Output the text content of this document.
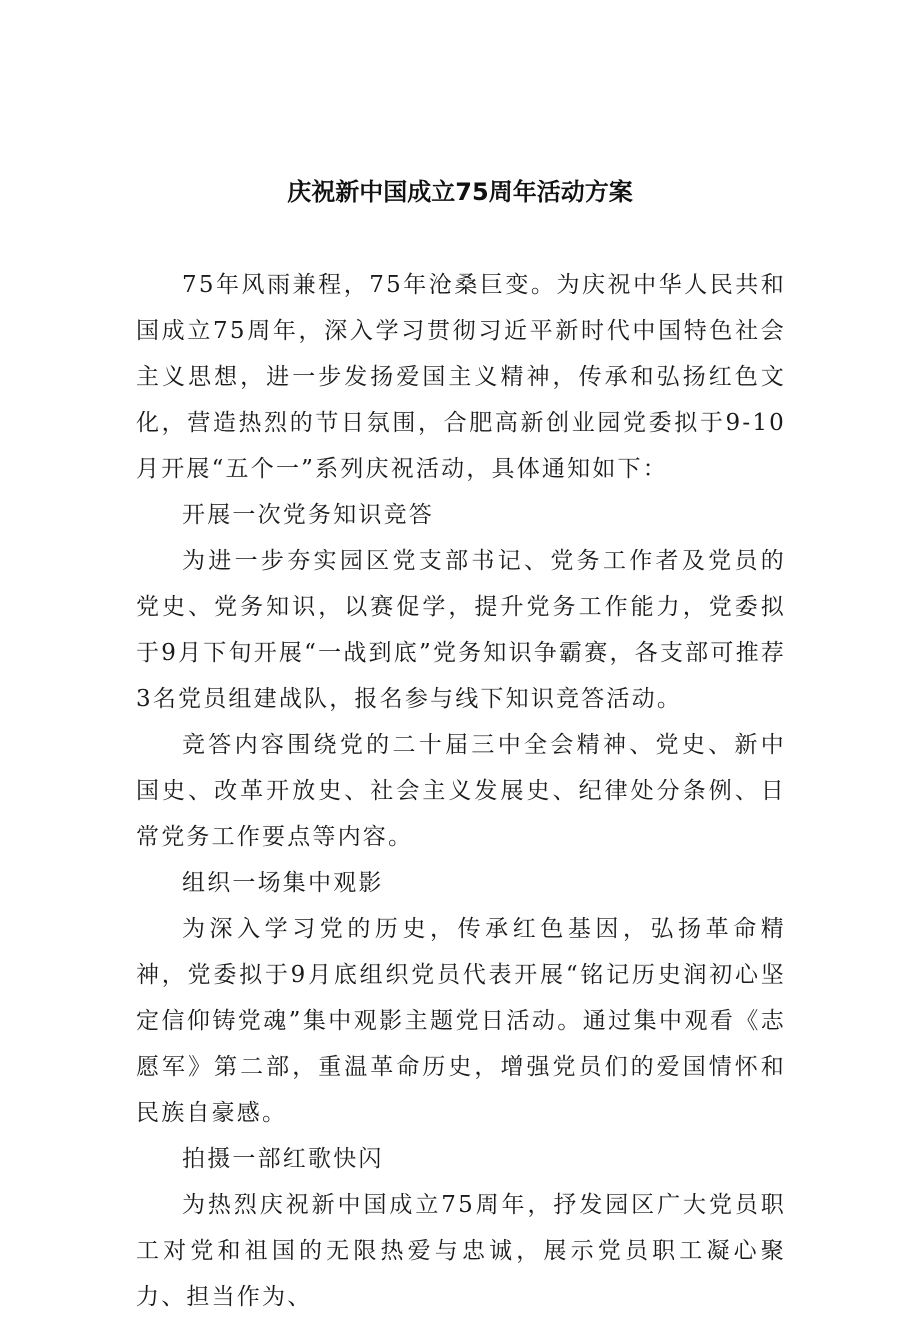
庆祝新中国成立75周年活动方案

75年风雨兼程，75年沧桑巨变。为庆祝中华人民共和国成立75周年，深入学习贯彻习近平新时代中国特色社会主义思想，进一步发扬爱国主义精神，传承和弘扬红色文化，营造热烈的节日氛围，合肥高新创业园党委拟于9-10月开展“五个一”系列庆祝活动，具体通知如下：

开展一次党务知识竞答

为进一步夯实园区党支部书记、党务工作者及党员的党史、党务知识，以赛促学，提升党务工作能力，党委拟于9月下旬开展“一战到底”党务知识争霸赛，各支部可推荐3名党员组建战队，报名参与线下知识竞答活动。

竞答内容围绕党的二十届三中全会精神、党史、新中国史、改革开放史、社会主义发展史、纪律处分条例、日常党务工作要点等内容。

组织一场集中观影

为深入学习党的历史，传承红色基因，弘扬革命精神，党委拟于9月底组织党员代表开展“铭记历史润初心坚定信仰铸党魂”集中观影主题党日活动。通过集中观看《志愿军》第二部，重温革命历史，增强党员们的爱国情怀和民族自豪感。

拍摄一部红歌快闪

为热烈庆祝新中国成立75周年，抒发园区广大党员职工对党和祖国的无限热爱与忠诚，展示党员职工凝心聚力、担当作为、
